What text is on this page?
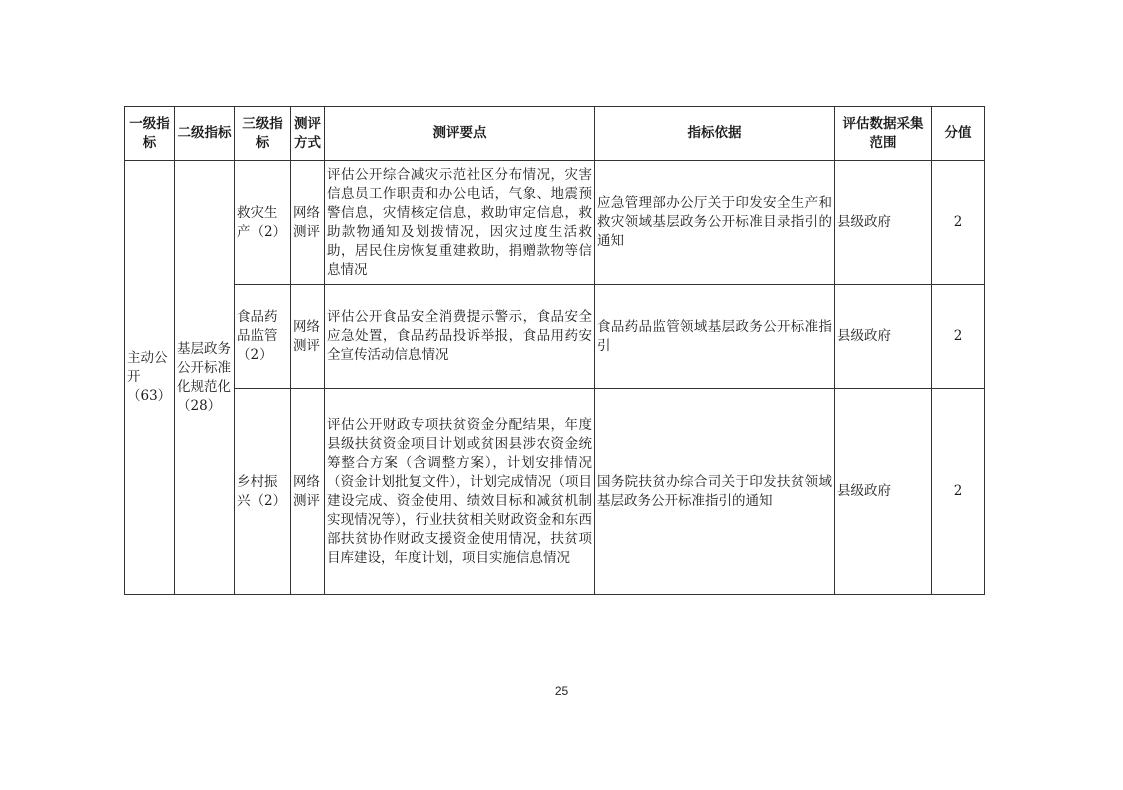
一级指标	二级指标	三级指标	测评方式	测评要点	指标依据	评估数据采集范围	分值
主动公开（63）	基层政务公开标准化规范化（28）	救灾生产（2）	网络测评	评估公开综合减灾示范社区分布情况，灾害信息员工作职责和办公电话，气象、地震预警信息，灾情核定信息，救助审定信息，救助款物通知及划拨情况，因灾过度生活救助，居民住房恢复重建救助，捐赠款物等信息情况	应急管理部办公厅关于印发安全生产和救灾领域基层政务公开标准目录指引的通知	县级政府	2
		食品药品监管（2）	网络测评	评估公开食品安全消费提示警示，食品安全应急处置，食品药品投诉举报，食品用药安全宣传活动信息情况	食品药品监管领域基层政务公开标准指引	县级政府	2
		乡村振兴（2）	网络测评	评估公开财政专项扶贫资金分配结果，年度县级扶贫资金项目计划或贫困县涉农资金统筹整合方案（含调整方案），计划安排情况（资金计划批复文件），计划完成情况（项目建设完成、资金使用、绩效目标和减贫机制实现情况等），行业扶贫相关财政资金和东西部扶贫协作财政支援资金使用情况，扶贫项目库建设，年度计划，项目实施信息情况	国务院扶贫办综合司关于印发扶贫领域基层政务公开标准指引的通知	县级政府	2
25
